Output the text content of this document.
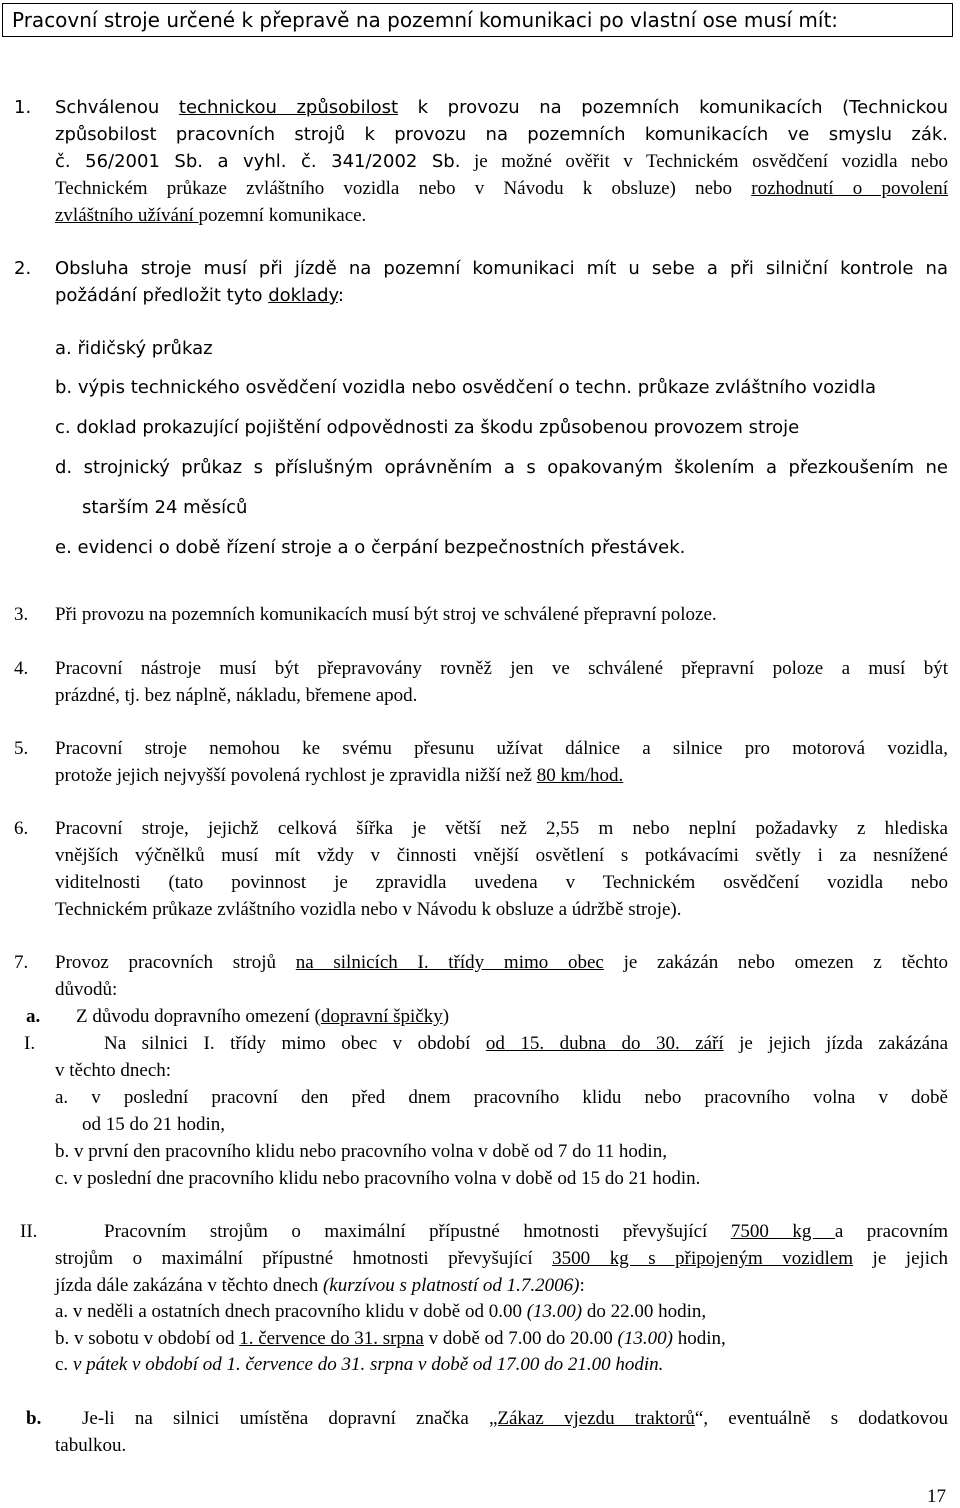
Pracovní stroje určené k přepravě na pozemní komunikaci po vlastní ose musí mít:
1. Schválenou technickou způsobilost k provozu na pozemních komunikacích (Technickou
způsobilost pracovních strojů k provozu na pozemních komunikacích ve smyslu zák.
č. 56/2001 Sb. a vyhl. č. 341/2002 Sb. je možné ověřit v Technickém osvědčení vozidla nebo
Technickém průkaze zvláštního vozidla nebo v Návodu k obsluze) nebo rozhodnutí o povolení
zvláštního užívání pozemní komunikace.
2. Obsluha stroje musí při jízdě na pozemní komunikaci mít u sebe a při silniční kontrole na
požádání předložit tyto doklady:
a. řidičský průkaz
b. výpis technického osvědčení vozidla nebo osvědčení o techn. průkaze zvláštního vozidla
c. doklad prokazující pojištění odpovědnosti za škodu způsobenou provozem stroje
d. strojnický průkaz s příslušným oprávněním a s opakovaným školením a přezkoušením ne
starším 24 měsíců
e. evidenci o době řízení stroje a o čerpání bezpečnostních přestávek.
3. Při provozu na pozemních komunikacích musí být stroj ve schválené přepravní poloze.
4. Pracovní nástroje musí být přepravovány rovněž jen ve schválené přepravní poloze a musí být
prázdné, tj. bez náplně, nákladu, břemene apod.
5. Pracovní stroje nemohou ke svému přesunu užívat dálnice a silnice pro motorová vozidla,
protože jejich nejvyšší povolená rychlost je zpravidla nižší než 80 km/hod.
6. Pracovní stroje, jejichž celková šířka je větší než 2,55 m nebo neplní požadavky z hlediska
vnějších výčnělků musí mít vždy v činnosti vnější osvětlení s potkávacími světly i za nesnížené
viditelnosti (tato povinnost je zpravidla uvedena v Technickém osvědčení vozidla nebo
Technickém průkaze zvláštního vozidla nebo v Návodu k obsluze a údržbě stroje).
7. Provoz pracovních strojů na silnicích I. třídy mimo obec je zakázán nebo omezen z těchto
důvodů:
a. Z důvodu dopravního omezení (dopravní špičky)
I.	Na silnici I. třídy mimo obec v období od 15. dubna do 30. září je jejich jízda zakázána
v těchto dnech:
a. v poslední pracovní den před dnem pracovního klidu nebo pracovního volna v době
od 15 do 21 hodin,
b. v první den pracovního klidu nebo pracovního volna v době od 7 do 11 hodin,
c. v poslední dne pracovního klidu nebo pracovního volna v době od 15 do 21 hodin.
II.	Pracovním strojům o maximální přípustné hmotnosti převyšující 7500 kg a pracovním
strojům o maximální přípustné hmotnosti převyšující 3500 kg s připojeným vozidlem je jejich
jízda dále zakázána v těchto dnech (kurzívou s platností od 1.7.2006):
a. v neděli a ostatních dnech pracovního klidu v době od 0.00 (13.00) do 22.00 hodin,
b. v sobotu v období od 1. července do 31. srpna v době od 7.00 do 20.00 (13.00) hodin,
c. v pátek v období od 1. července do 31. srpna v době od 17.00 do 21.00 hodin.
b. Je-li na silnici umístěna dopravní značka „Zákaz vjezdu traktorů“, eventuálně s dodatkovou
tabulkou.
17
